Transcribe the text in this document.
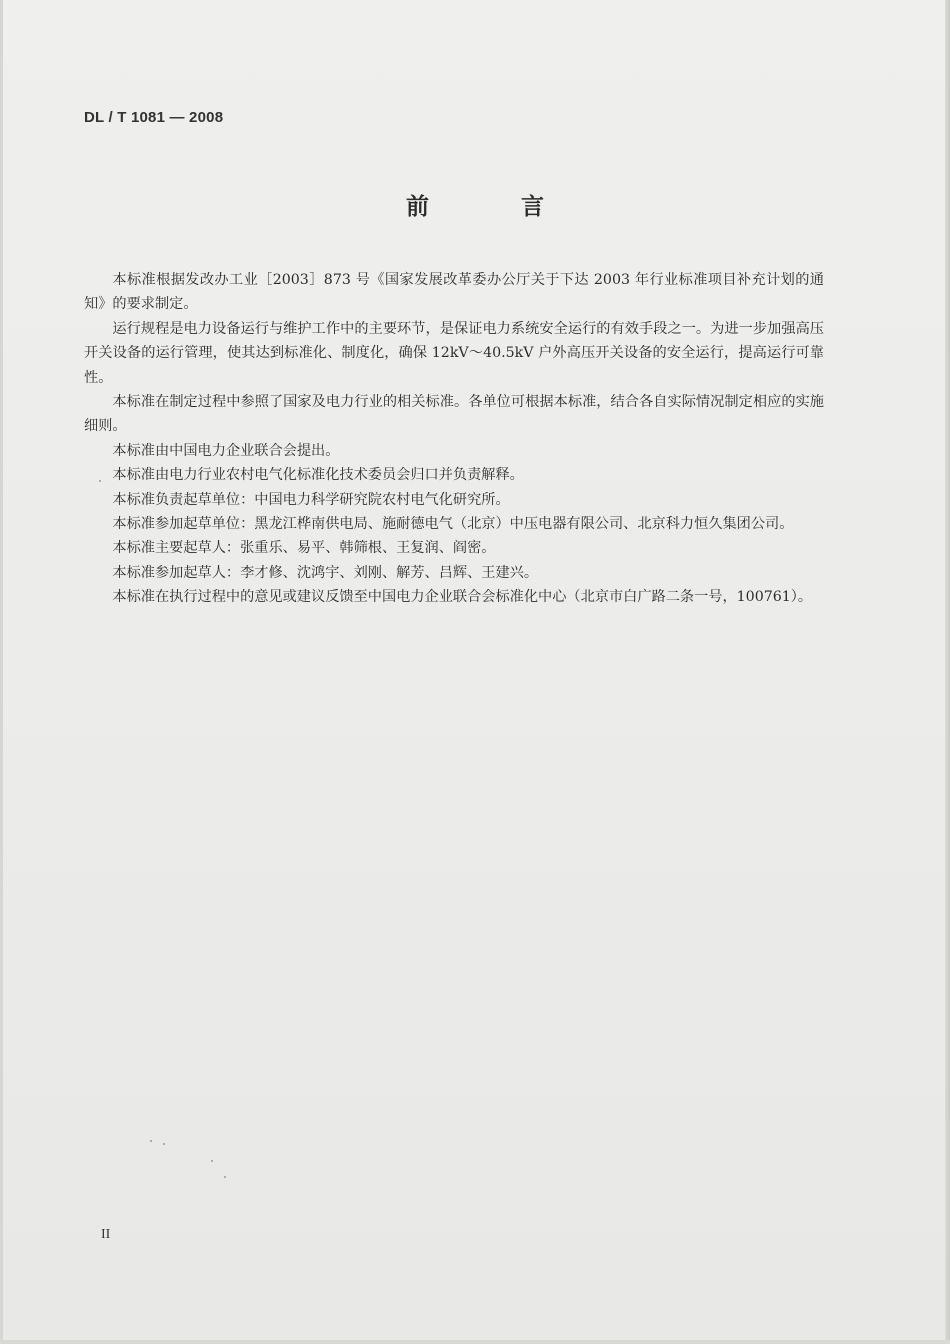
DL / T 1081 — 2008
前 言

本标准根据发改办工业［2003］873 号《国家发展改革委办公厅关于下达 2003 年行业标准项目补充计划的通知》的要求制定。

运行规程是电力设备运行与维护工作中的主要环节，是保证电力系统安全运行的有效手段之一。为进一步加强高压开关设备的运行管理，使其达到标准化、制度化，确保 12kV～40.5kV 户外高压开关设备的安全运行，提高运行可靠性。

本标准在制定过程中参照了国家及电力行业的相关标准。各单位可根据本标准，结合各自实际情况制定相应的实施细则。

本标准由中国电力企业联合会提出。

本标准由电力行业农村电气化标准化技术委员会归口并负责解释。

本标准负责起草单位：中国电力科学研究院农村电气化研究所。

本标准参加起草单位：黑龙江桦南供电局、施耐德电气（北京）中压电器有限公司、北京科力恒久集团公司。

本标准主要起草人：张重乐、易平、韩筛根、王复润、阎密。

本标准参加起草人：李才修、沈鸿宇、刘刚、解芳、吕辉、王建兴。

本标准在执行过程中的意见或建议反馈至中国电力企业联合会标准化中心（北京市白广路二条一号，100761）。

II
